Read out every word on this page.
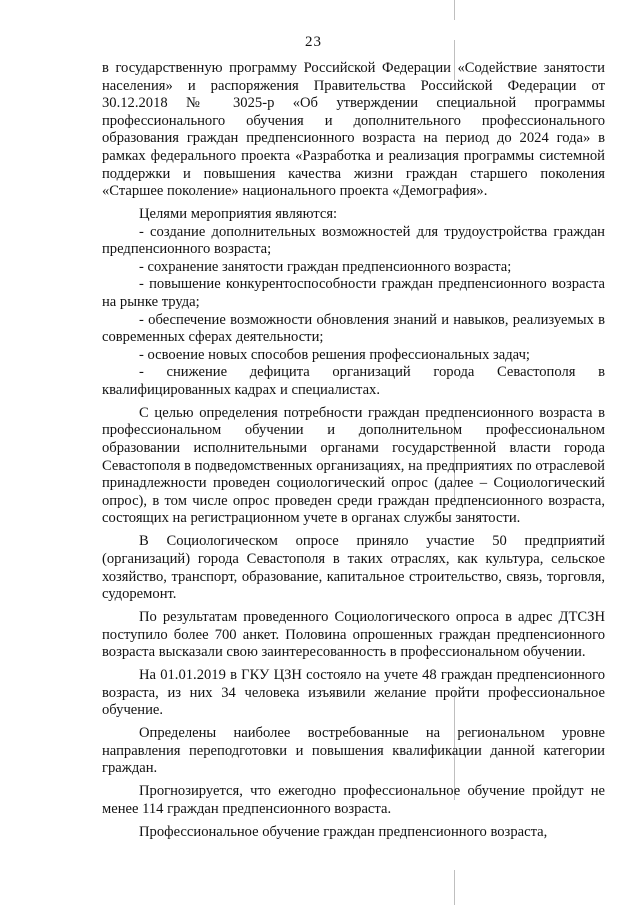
23

в государственную программу Российской Федерации «Содействие занятости населения» и распоряжения Правительства Российской Федерации от 30.12.2018 № 3025-р «Об утверждении специальной программы профессионального обучения и дополнительного профессионального образования граждан предпенсионного возраста на период до 2024 года» в рамках федерального проекта «Разработка и реализация программы системной поддержки и повышения качества жизни граждан старшего поколения «Старшее поколение» национального проекта «Демография».

Целями мероприятия являются:

- создание дополнительных возможностей для трудоустройства граждан предпенсионного возраста;

- сохранение занятости граждан предпенсионного возраста;

- повышение конкурентоспособности граждан предпенсионного возраста на рынке труда;

- обеспечение возможности обновления знаний и навыков, реализуемых в современных сферах деятельности;

- освоение новых способов решения профессиональных задач;

- снижение дефицита организаций города Севастополя в квалифицированных кадрах и специалистах.

С целью определения потребности граждан предпенсионного возраста в профессиональном обучении и дополнительном профессиональном образовании исполнительными органами государственной власти города Севастополя в подведомственных организациях, на предприятиях по отраслевой принадлежности проведен социологический опрос (далее – Социологический опрос), в том числе опрос проведен среди граждан предпенсионного возраста, состоящих на регистрационном учете в органах службы занятости.

В Социологическом опросе приняло участие 50 предприятий (организаций) города Севастополя в таких отраслях, как культура, сельское хозяйство, транспорт, образование, капитальное строительство, связь, торговля, судоремонт.

По результатам проведенного Социологического опроса в адрес ДТСЗН поступило более 700 анкет. Половина опрошенных граждан предпенсионного возраста высказали свою заинтересованность в профессиональном обучении.

На 01.01.2019 в ГКУ ЦЗН состояло на учете 48 граждан предпенсионного возраста, из них 34 человека изъявили желание пройти профессиональное обучение.

Определены наиболее востребованные на региональном уровне направления переподготовки и повышения квалификации данной категории граждан.

Прогнозируется, что ежегодно профессиональное обучение пройдут не менее 114 граждан предпенсионного возраста.

Профессиональное обучение граждан предпенсионного возраста,
